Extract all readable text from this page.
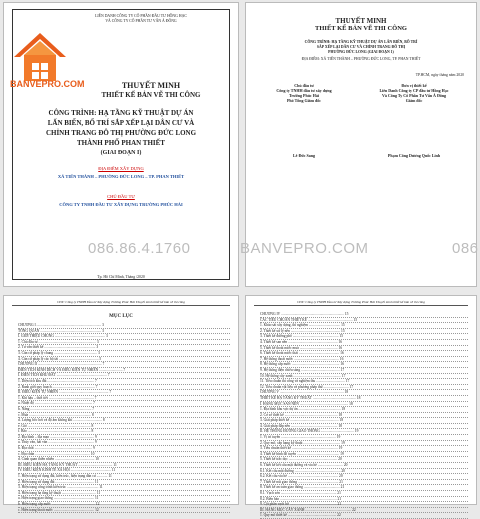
LIÊN DANH CÔNG TY CỔ PHẦN ĐẦU TƯ HỒNG HẠC
VÀ CÔNG TY CỔ PHẦN TƯ VẤN Á ĐÔNG
BANVEPRO.COM	THUYẾT MINH
THIẾT KẾ BẢN VẼ THI CÔNG
CÔNG TRÌNH: HẠ TẦNG KỸ THUẬT DỰ ÁN
LẤN BIỂN, BỐ TRÍ SẮP XẾP LẠI DÂN CƯ VÀ
CHỈNH TRANG ĐÔ THỊ PHƯỜNG ĐỨC LONG
THÀNH PHỐ PHAN THIẾT
(GIAI ĐOẠN I)
ĐỊA ĐIỂM XÂY DỰNG
XÃ TIẾN THÀNH – PHƯỜNG ĐỨC LONG – TP. PHAN THIẾT
CHỦ ĐẦU TƯ
CÔNG TY TNHH ĐẦU TƯ XÂY DỰNG TRƯỜNG PHÚC HẢI
Tp. Hồ Chí Minh, Tháng /2020
THUYẾT MINH
THIẾT KẾ BẢN VẼ THI CÔNG
CÔNG TRÌNH: HẠ TẦNG KỸ THUẬT DỰ ÁN LẤN BIỂN, BỐ TRÍ
SẮP XẾP LẠI DÂN CƯ VÀ CHỈNH TRANG ĐÔ THỊ
PHƯỜNG ĐỨC LONG (GIAI ĐOẠN 1)
ĐỊA ĐIỂM: XÃ TIẾN THÀNH – PHƯỜNG ĐỨC LONG, TP. PHAN THIẾT
TP.HCM, ngày tháng năm 2020
Chủ đầu tư
Công ty TNHH đầu tư xây dựng
Trường Phúc Hải
Phó Tổng Giám đốc
Đơn vị thiết kế
Liên Danh Công ty CP đầu tư Hồng Hạc
Và Công Ty Cổ Phần Tư Vấn Á Đông
Giám đốc
Lê Đức Sang	Phạm Công Dương Quốc Linh
086.86.4.1760	BANVEPRO.COM	086
CĐT: Công ty TNHH Đầu tư Xây dựng Trường Phúc Hải Thuyết minh thiết kế bản vẽ thi công
MỤC LỤC
CHƯƠNG I ........................................................................ 3
TỔNG QUÁN .................................................................... 3
I. GIỚI THIỆU CHUNG ........................................................ 3
1. Chủ đầu tư ................................................................ 3
2. Tư vấn thiết kế ......................................................... 3
3. Căn cứ pháp lý chung ................................................ 3
4. Căn cứ pháp lý các bộ tài ............................................ 5
CHƯƠNG II ....................................................................... 7
ĐIỀN TÍCH KÍNH DÍCH VÀ ĐIỀU KIỆN TỰ NHIÊN .......................... 7
I. ĐIỀN TÍCH KHU ĐẤT ........................................................ 7
1. Diện tích khu đất .................................................... 7
2. Ranh giới quy hoạch ............................................... 7
II. ĐIỀU KIỆN TỰ NHIÊN ....................................................... 7
1. Khí hậu – thời tiết .................................................. 7
a. Nhiệt độ ................................................................ 7
b. Nắng .................................................................... 7
c. Mưa ..................................................................... 8
d. Lượng bốc hơi và độ ẩm không khí ................................ 8
e. Gió ...................................................................... 8
f. Bão ...................................................................... 8
2. Địa hình – địa mạo ................................................. 9
a. Thủy văn, hải văn ................................................... 9
b. Địa chất ................................................................ 9
c. Địa chấn ............................................................. 10
d. Cảnh quan thiên nhiên ............................................ 10
III. ĐIỀU KIỆN HẠ TẦNG KỸ THUẬT ...................................... 11
IV. ĐIỀU KIỆN KINH TẾ XÃ HỘI ............................................. 11
1. Hiện trạng sử dụng đất, kiến trúc, hiện trạng dân cư ............ 11
2. Hiện trạng sử dụng đất ........................................... 11
3. Hiện trạng công trình kiến trúc ................................... 11
4. Hiện trạng hạ tầng kỹ thuật ...................................... 11
a. Hiện trạng giao thông ............................................. 11
b. Hiện trạng cấp nước ................................................ 12
c. Hiện trạng thoát nước ............................................. 12
CĐT: Công ty TNHH Đầu tư Xây dựng Trường Phúc Hải Thuyết minh thiết kế bản vẽ thi công
CHƯƠNG IV ...................................................................... 15
CÁC TIÊU CHUẨN THIẾT KẾ .................................................. 15
1. Khảo sát xây dựng, thí nghiệm ................................... 15
2. Thiết kế xử lý nền ....................................................... 15
3. Thiết kế đường phố ................................................... 15
4. Thiết kế san nền ....................................................... 16
5. Thiết kế thoát nước mưa .......................................... 16
6. Thiết kế thoát nước thải ............................................. 16
7. Hệ thống thoát nước .................................................. 16
8. Hệ thống cấp nước ..................................................... 16
9. Hệ thống điện chiếu sáng ........................................... 17
10. Hệ thống cây xanh ..................................................... 17
11. Tiêu chuẩn thi công và nghiệm thu ................................ 17
12. Tiêu chuẩn vật liệu và phương pháp thử ............................ 17
CHƯƠNG V ....................................................................... 18
THIẾT KẾ HẠ TẦNG KỸ THUẬT ................................................ 18
I. HẠNG MỤC SAN NỀN ...................................................... 18
1. Địa hình khu vực dự án ............................................... 18
2. Cơ sở thiết kế ........................................................... 18
3. Giải pháp thiết kế ...................................................... 18
4. Giải pháp đắp nền .................................................... 18
II. HỆ THỐNG ĐƯỜNG GIAO THÔNG ..................................... 19
1. Vị trí tuyến ............................................................. 19
2. Quy mô, cấp hạng kỹ thuật ......................................... 19
3. Tiêu chuẩn thiết kế ................................................... 19
4. Thiết kế bình đồ tuyến ............................................... 19
5. Thiết kế trắc dọc ...................................................... 20
6. Thiết kế kết cấu mặt đường và vỉa hè ............................ 20
6.1. Kết cấu mặt đường ................................................... 20
6.2. Kết cấu vỉa hè ........................................................ 20
7. Thiết kế nút giao thông ............................................. 21
8. Thiết kế an toàn giao thông ........................................ 21
8.1. Vạch sơn .............................................................. 21
8.2. Biển báo ............................................................... 21
9. Cột phân vạch bờ .................................................... 21
III. HẠNG MỤC CÂY XANH ................................................... 22
1. Quy mô thiết kế ...................................................... 22
